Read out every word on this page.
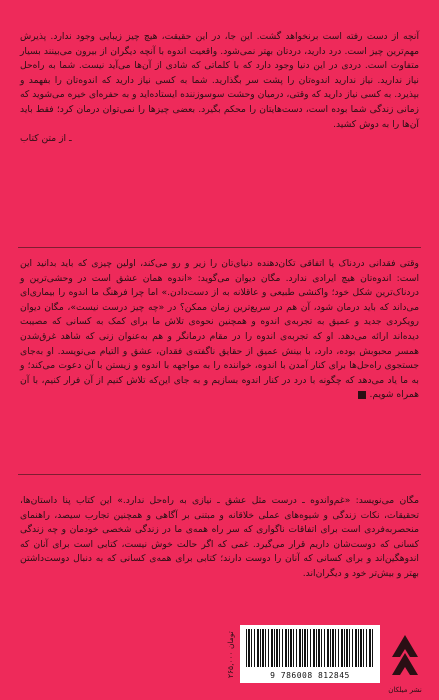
آنچه از دست رفته است برنخواهد گشت. این جا، در این حقیقت، هیچ چیز زیبایی وجود ندارد. پذیرش مهم‌ترین چیز است. درد دارید، دردتان بهتر نمی‌شود. واقعیت اندوه با آنچه دیگران از بیرون می‌بینند بسیار متفاوت است. دردی در این دنیا وجود دارد که با کلماتی که شادی از آن‌ها می‌آید نیست. شما به راه‌حل نیاز ندارید. نیاز ندارید اندوه‌تان را پشت سر بگذارید. شما به کسی نیاز دارید که اندوه‌تان را بفهمد و بپذیرد. به کسی نیاز دارید که وقتی، درمیان وحشت سوسوزننده ایستاده‌اید و به حفره‌ای خیره می‌شوید که زمانی زندگی شما بوده است، دست‌هایتان را محکم بگیرد. بعضی چیزها را نمی‌توان درمان کرد؛ فقط باید آن‌ها را به دوش کشید.

ـ از متن کتاب

وقتی فقدانی دردناک یا اتفاقی تکان‌دهنده دنیای‌تان را زیر و رو می‌کند، اولین چیزی که باید بدانید این است: اندوه‌تان هیچ ایرادی ندارد. مگان دیوان می‌گوید: «اندوه همان عشق است در وحشی‌ترین و دردناک‌ترین شکل خود؛ واکنشی طبیعی و عاقلانه به از دست‌دادن.» اما چرا فرهنگ ما اندوه را بیماری‌ای می‌داند که باید درمان شود، آن هم در سریع‌ترین زمان ممکن؟ در «چه چیز درست نیست»، مگان دیوان رویکردی جدید و عمیق به تجربه‌ی اندوه و همچنین نحوه‌ی تلاش ما برای کمک به کسانی که مصیبت دیده‌اند ارائه می‌دهد. او که تجربه‌ی اندوه را در مقام درمانگر و هم به‌عنوان زنی که شاهد غرق‌شدن همسر محبوبش بوده، دارد، با بینش عمیق از حقایق ناگفته‌ی فقدان، عشق و التیام می‌نویسد. او به‌جای جستجوی راه‌حل‌ها برای کنار آمدن با اندوه، خواننده را به مواجهه با اندوه و زیستن با آن دعوت می‌کند؛ و به ما یاد می‌دهد که چگونه با درد در کنار اندوه بسازیم و به جای این‌که تلاش کنیم از آن فرار کنیم، با آن همراه شویم.

مگان می‌نویسد: «غم‌واندوه ـ درست مثل عشق ـ نیازی به راه‌حل ندارد.» این کتاب پنا داستان‌ها، تحقیقات، نکات زندگی و شیوه‌های عملی خلاقانه و مبتنی بر آگاهی و همچنین تجارب سیصد، راهنمای منحصربه‌فردی است برای اتفاقات ناگواری که سر راه همه‌ی ما در زندگی شخصی خودمان و چه زندگی کسانی که دوست‌شان داریم قرار می‌گیرد. غمی که اگر حالت خوش نیست، کتابی است برای آنان که اندوهگین‌اند و برای کسانی که آنان را دوست دارند؛ کتابی برای همه‌ی کسانی که به دنبال دوست‌داشتن بهتر و بیش‌تر خود و دیگران‌اند.

۲۶۵,۰۰۰ تومان
9 786008 812845
نشر میلکان
